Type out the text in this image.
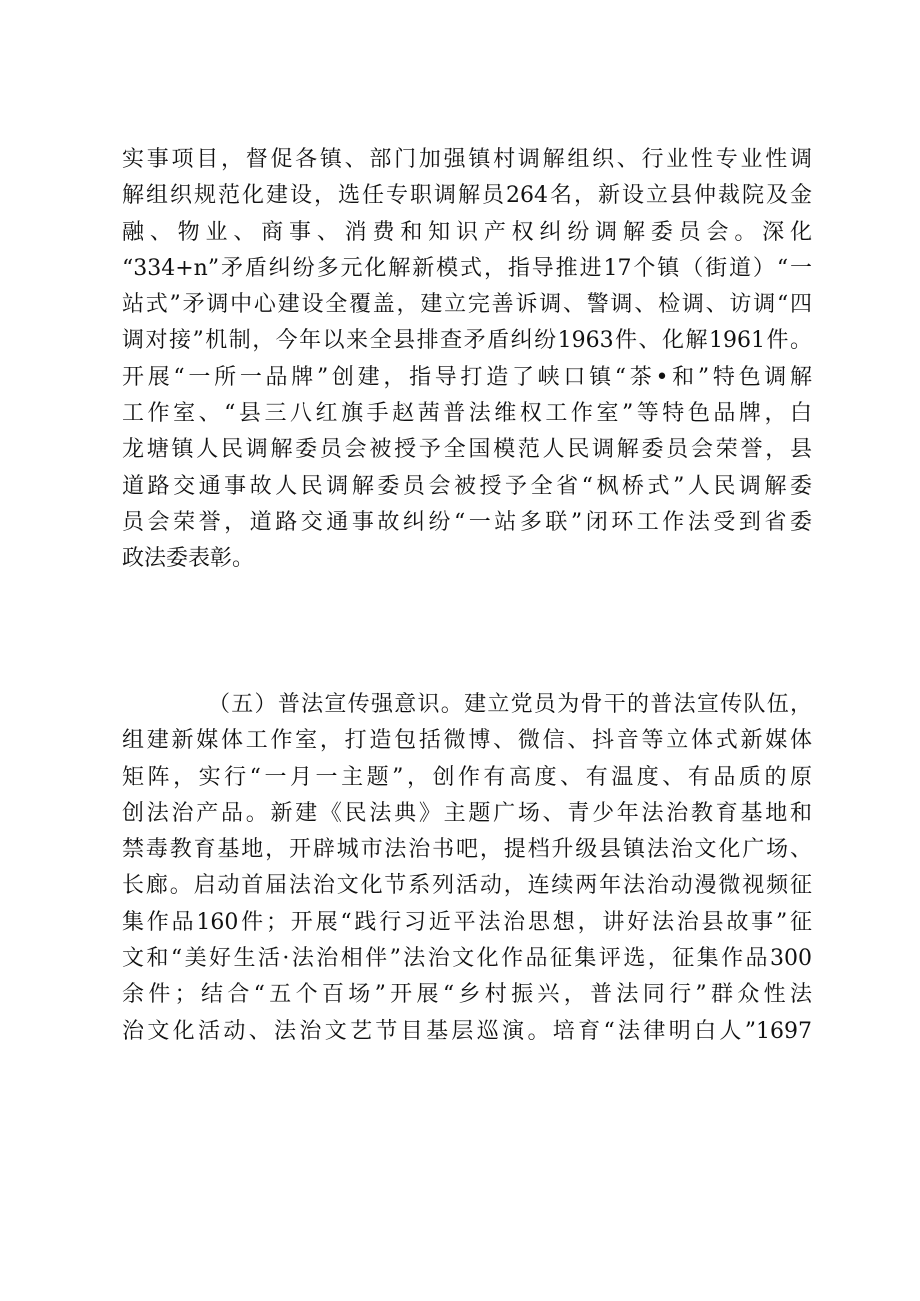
实事项目，督促各镇、部门加强镇村调解组织、行业性专业性调
解组织规范化建设，选任专职调解员264名，新设立县仲裁院及金
融、物业、商事、消费和知识产权纠纷调解委员会。深化
“334+n”矛盾纠纷多元化解新模式，指导推进17个镇（街道）“一
站式”矛调中心建设全覆盖，建立完善诉调、警调、检调、访调“四
调对接”机制，今年以来全县排查矛盾纠纷1963件、化解1961件。
开展“一所一品牌”创建，指导打造了峡口镇“茶•和”特色调解
工作室、“县三八红旗手赵茜普法维权工作室”等特色品牌，白
龙塘镇人民调解委员会被授予全国模范人民调解委员会荣誉，县
道路交通事故人民调解委员会被授予全省“枫桥式”人民调解委
员会荣誉，道路交通事故纠纷“一站多联”闭环工作法受到省委
政法委表彰。
（五）普法宣传强意识。建立党员为骨干的普法宣传队伍，
组建新媒体工作室，打造包括微博、微信、抖音等立体式新媒体
矩阵，实行“一月一主题”，创作有高度、有温度、有品质的原
创法治产品。新建《民法典》主题广场、青少年法治教育基地和
禁毒教育基地，开辟城市法治书吧，提档升级县镇法治文化广场、
长廊。启动首届法治文化节系列活动，连续两年法治动漫微视频征
集作品160件；开展“践行习近平法治思想，讲好法治县故事”征
文和“美好生活·法治相伴”法治文化作品征集评选，征集作品300
余件；结合“五个百场”开展“乡村振兴，普法同行”群众性法
治文化活动、法治文艺节目基层巡演。培育“法律明白人”1697
